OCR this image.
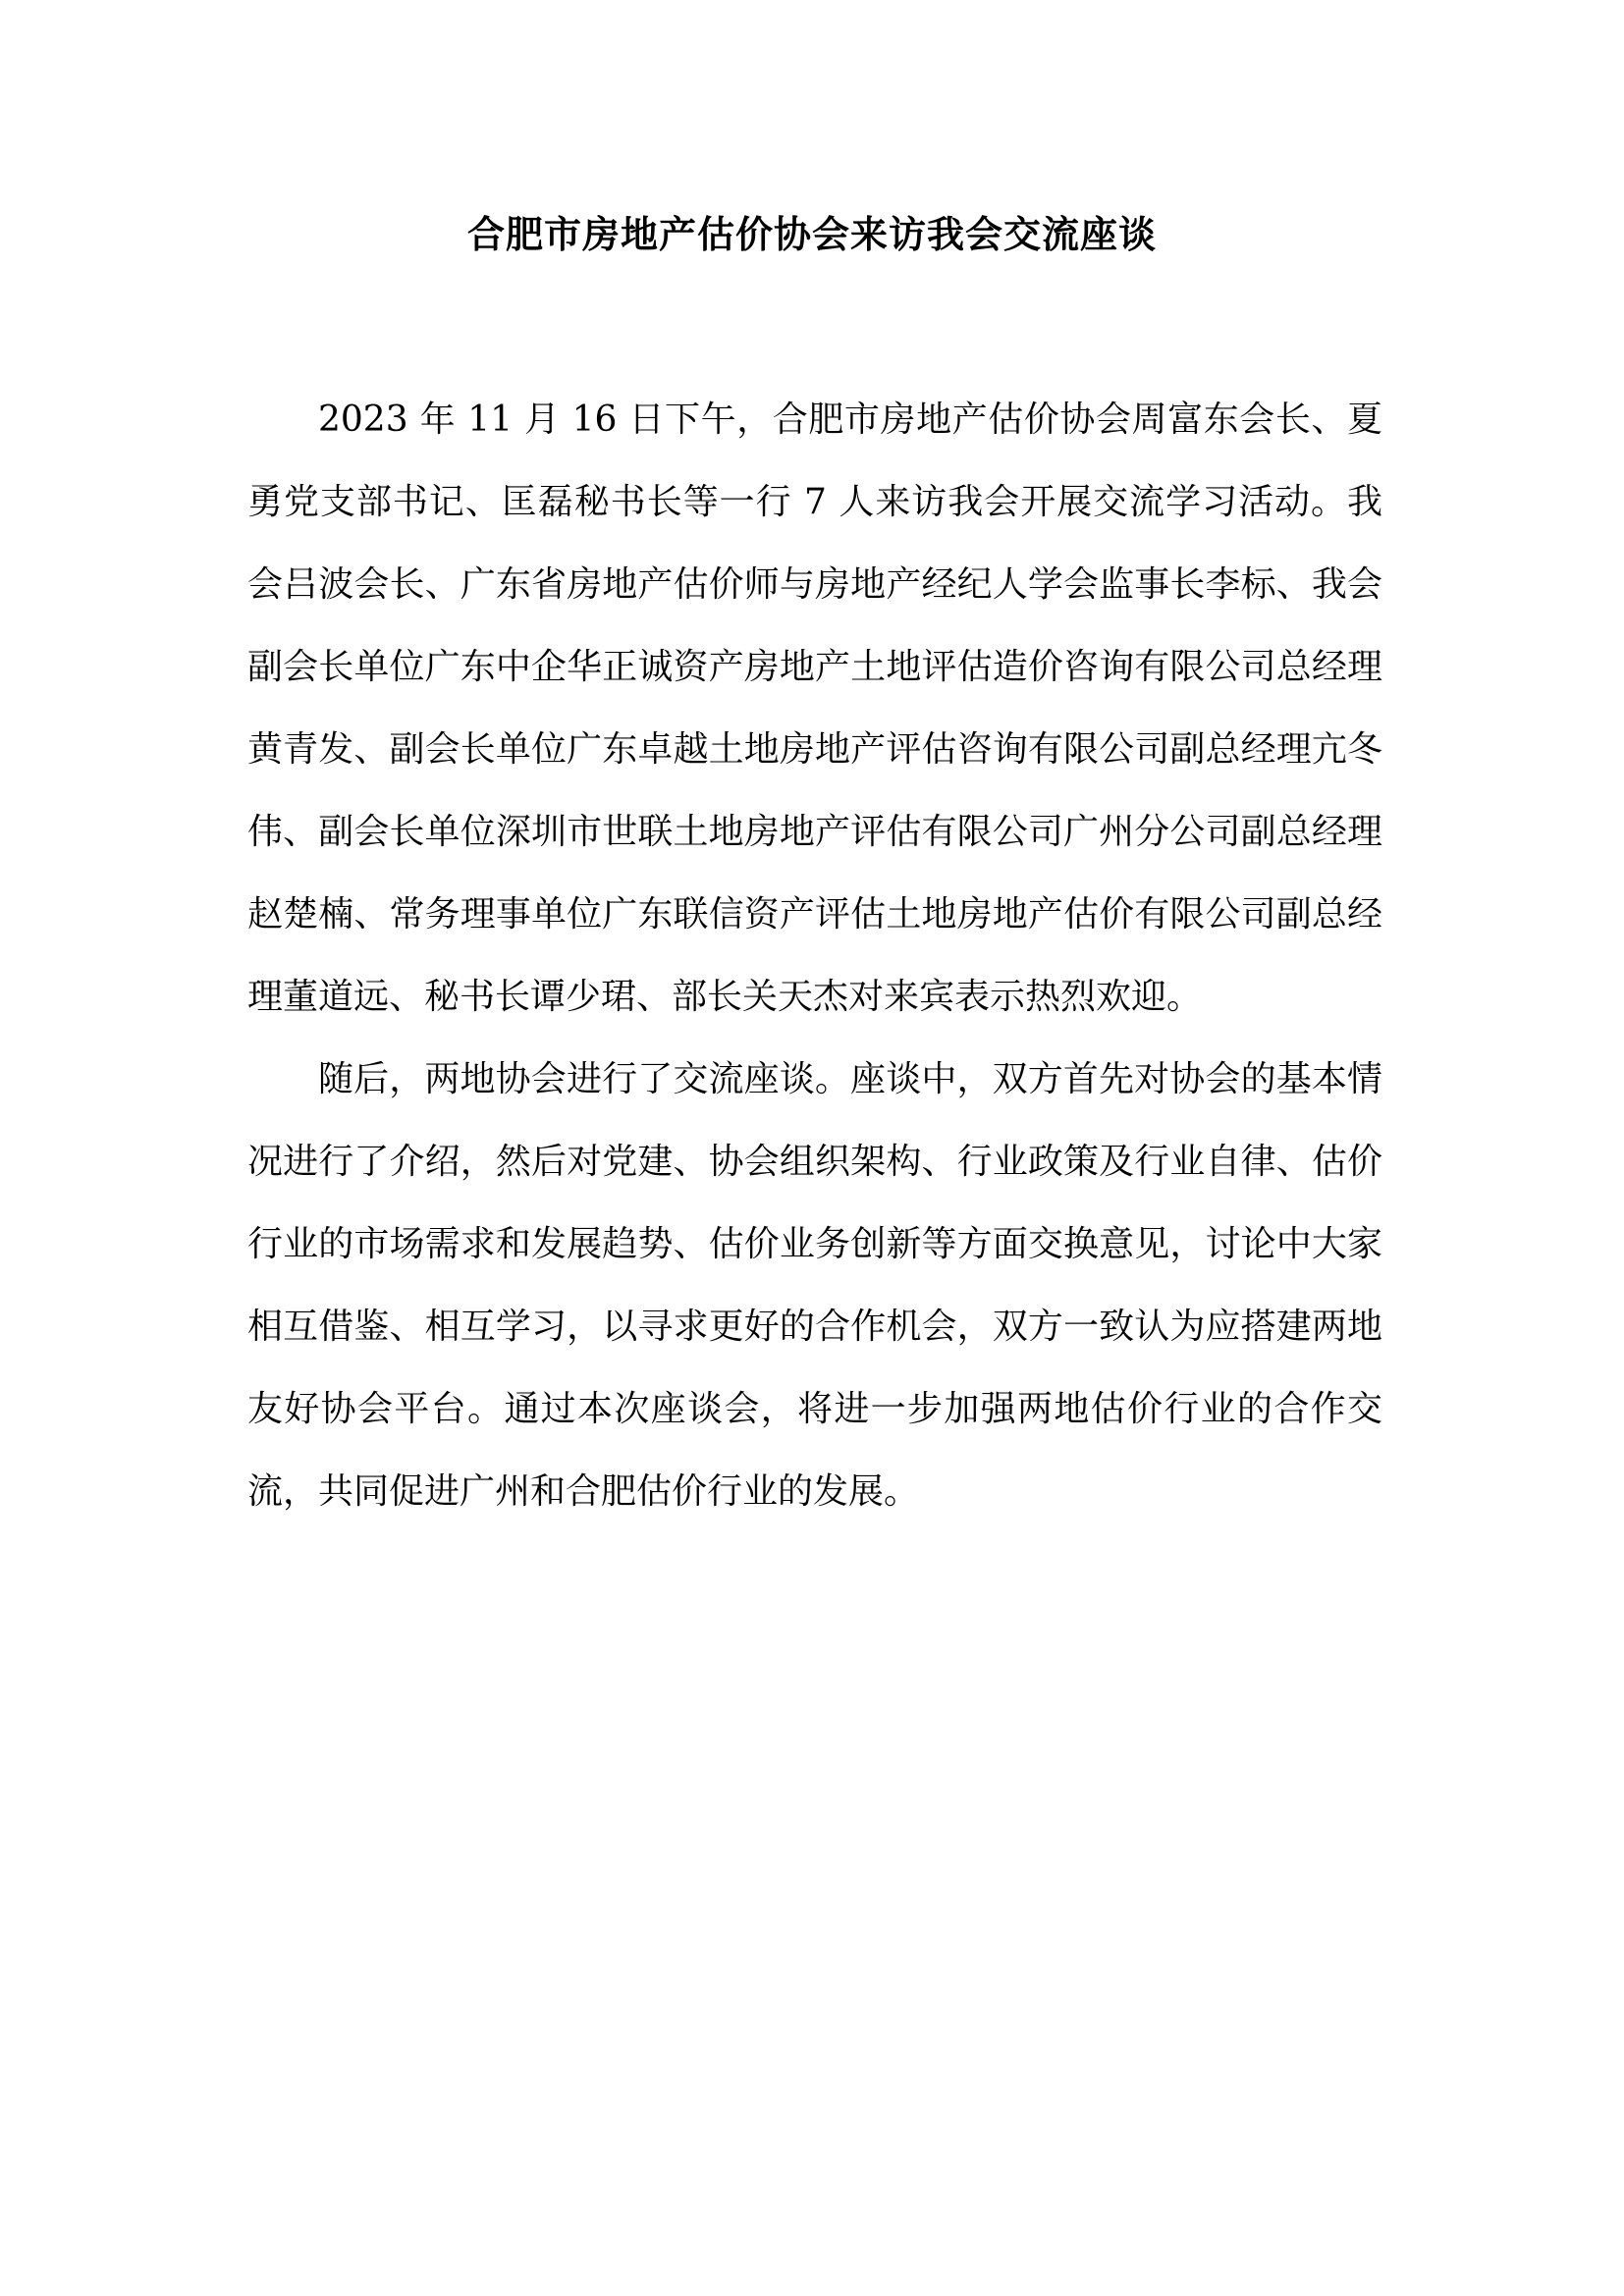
合肥市房地产估价协会来访我会交流座谈

2023 年 11 月 16 日下午，合肥市房地产估价协会周富东会长、夏勇党支部书记、匡磊秘书长等一行 7 人来访我会开展交流学习活动。我会吕波会长、广东省房地产估价师与房地产经纪人学会监事长李标、我会副会长单位广东中企华正诚资产房地产土地评估造价咨询有限公司总经理黄青发、副会长单位广东卓越土地房地产评估咨询有限公司副总经理亢冬伟、副会长单位深圳市世联土地房地产评估有限公司广州分公司副总经理赵楚楠、常务理事单位广东联信资产评估土地房地产估价有限公司副总经理董道远、秘书长谭少珺、部长关天杰对来宾表示热烈欢迎。

随后，两地协会进行了交流座谈。座谈中，双方首先对协会的基本情况进行了介绍，然后对党建、协会组织架构、行业政策及行业自律、估价行业的市场需求和发展趋势、估价业务创新等方面交换意见，讨论中大家相互借鉴、相互学习，以寻求更好的合作机会，双方一致认为应搭建两地友好协会平台。通过本次座谈会，将进一步加强两地估价行业的合作交流，共同促进广州和合肥估价行业的发展。
